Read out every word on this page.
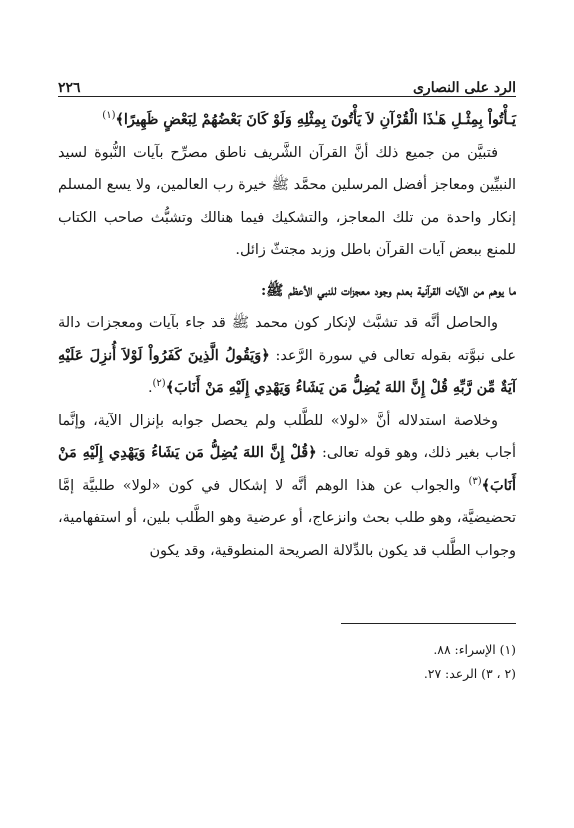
الرد على النصارى
٢٢٦

يَـأْتُواْ بِمِثْـلِ هَـٰذَا الْقُرْآنِ لاَ يَأْتُونَ بِمِثْلِهِ وَلَوْ كَانَ بَعْضُهُمْ لِبَعْضٍ ظَهِيرًا﴾$^{(١)}$

فتبيَّن من جميع ذلك أنَّ القرآن الشَّريف ناطق مصرِّح بآيات النُّبوة لسيد النبيِّين ومعاجز أفضل المرسلين محمَّد ﷺ خيرة رب العالمين، ولا يسع المسلم إنكار واحدة من تلك المعاجز، والتشكيك فيما هنالك وتشبُّث صاحب الكتاب للمنع ببعض آيات القرآن باطل وزبد مجتثّ زائل.

ما يوهم من الآيات القرآنية بعدم وجود معجزات للنبي الأعظم ﷺ:

والحاصل أنَّه قد تشبَّث لإنكار كون محمد ﷺ قد جاء بآيات ومعجزات دالة على نبوَّته بقوله تعالى في سورة الرَّعد: ﴿وَيَقُولُ الَّذِينَ كَفَرُواْ لَوْلاَ أُنزِلَ عَلَيْهِ آيَةٌ مِّن رَّبِّهِ قُلْ إِنَّ اللهَ يُضِلُّ مَن يَشَاءُ وَيَهْدِي إِلَيْهِ مَنْ أَنَابَ﴾$^{(٢)}$.

وخلاصة استدلاله أنَّ «لولا» للطَّلب ولم يحصل جوابه بإنزال الآية، وإنَّما أجاب بغير ذلك، وهو قوله تعالى: ﴿قُلْ إِنَّ اللهَ يُضِلُّ مَن يَشَاءُ وَيَهْدِي إِلَيْهِ مَنْ أَنَابَ﴾$^{(٣)}$ والجواب عن هذا الوهم أنَّه لا إشكال في كون «لولا» طلبيَّة إمَّا تحضيضيَّة، وهو طلب بحث وانزعاج، أو عرضية وهو الطَّلب بلين، أو استفهامية، وجواب الطَّلب قد يكون بالدِّلالة الصريحة المنطوقية، وقد يكون

(١) الإسراء: ٨٨.

(٢ ، ٣) الرعد: ٢٧.
